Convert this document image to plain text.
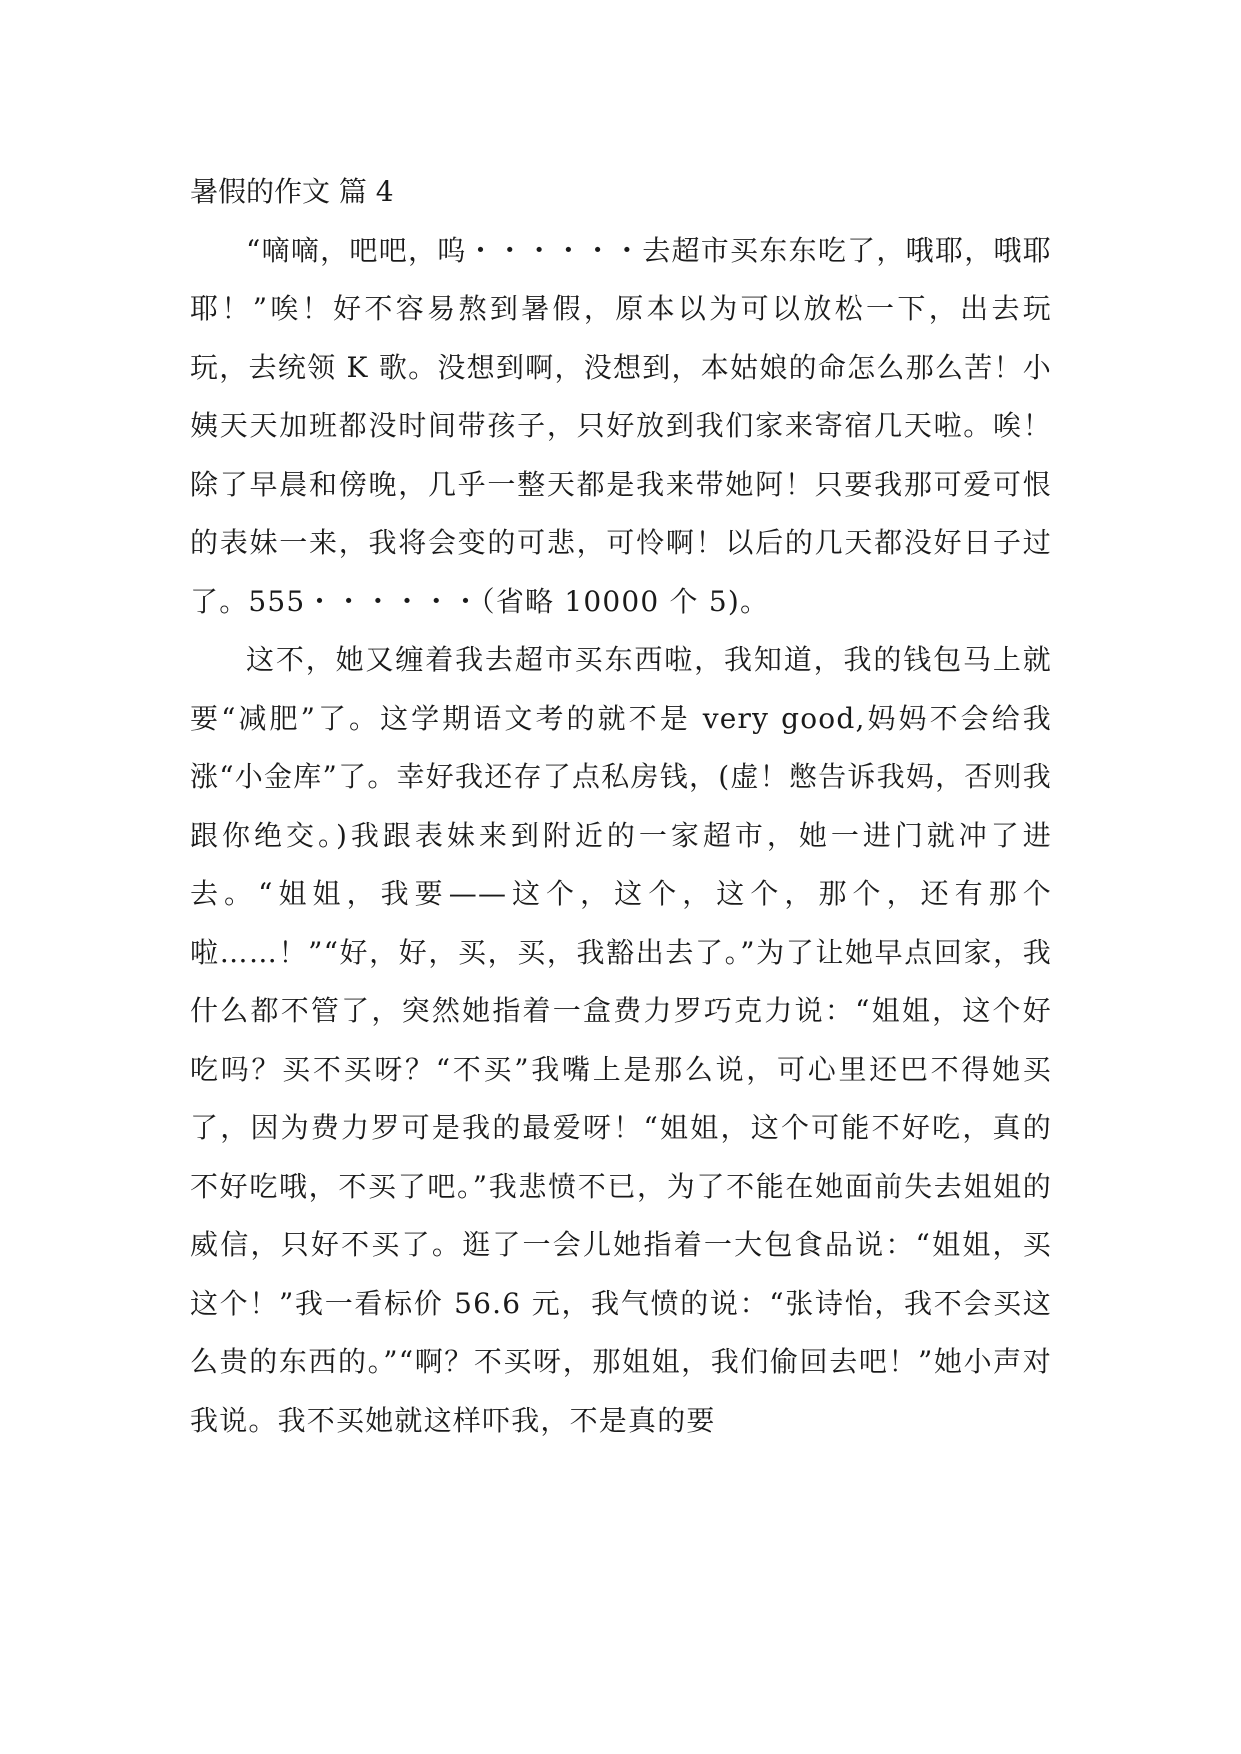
暑假的作文 篇 4

“嘀嘀，吧吧，呜・・・・・・去超市买东东吃了，哦耶，哦耶耶！”唉！好不容易熬到暑假，原本以为可以放松一下，出去玩玩，去统领 K 歌。没想到啊，没想到，本姑娘的命怎么那么苦！小姨天天加班都没时间带孩子，只好放到我们家来寄宿几天啦。唉！除了早晨和傍晚，几乎一整天都是我来带她阿！只要我那可爱可恨的表妹一来，我将会变的可悲，可怜啊！以后的几天都没好日子过了。555・・・・・・（省略 10000 个 5)。

这不，她又缠着我去超市买东西啦，我知道，我的钱包马上就要“减肥”了。这学期语文考的就不是 very good,妈妈不会给我涨“小金库”了。幸好我还存了点私房钱，(虚！憋告诉我妈，否则我跟你绝交。)我跟表妹来到附近的一家超市，她一进门就冲了进去。“姐姐，我要——这个，这个，这个，那个，还有那个啦……！”“好，好，买，买，我豁出去了。”为了让她早点回家，我什么都不管了，突然她指着一盒费力罗巧克力说：“姐姐，这个好吃吗？买不买呀？“不买”我嘴上是那么说，可心里还巴不得她买了，因为费力罗可是我的最爱呀！“姐姐，这个可能不好吃，真的不好吃哦，不买了吧。”我悲愤不已，为了不能在她面前失去姐姐的威信，只好不买了。逛了一会儿她指着一大包食品说：“姐姐，买这个！”我一看标价 56.6 元，我气愤的说：“张诗怡，我不会买这么贵的东西的。”“啊？不买呀，那姐姐，我们偷回去吧！”她小声对我说。我不买她就这样吓我，不是真的要
